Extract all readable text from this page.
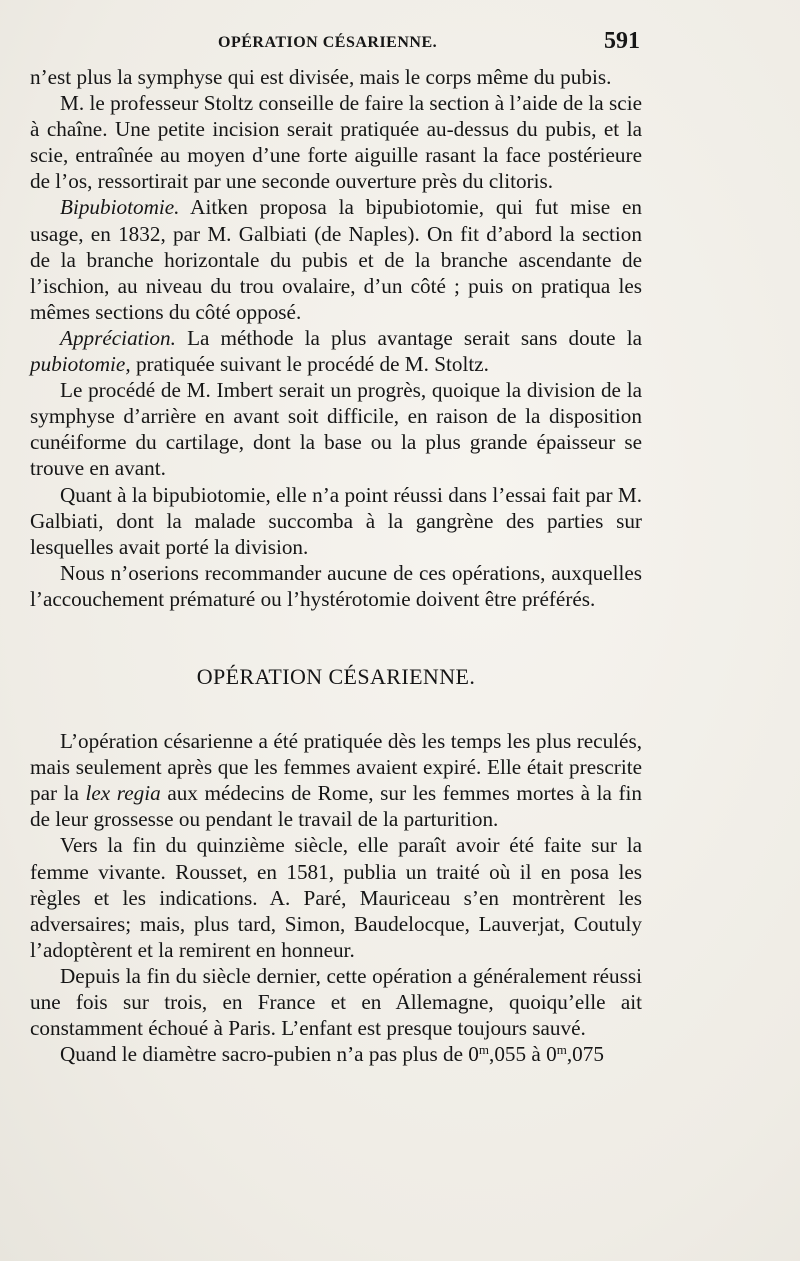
OPÉRATION CÉSARIENNE.	591

n’est plus la symphyse qui est divisée, mais le corps même du pubis.

M. le professeur Stoltz conseille de faire la section à l’aide de la scie à chaîne. Une petite incision serait pratiquée au-dessus du pubis, et la scie, entraînée au moyen d’une forte aiguille rasant la face postérieure de l’os, ressortirait par une seconde ouverture près du clitoris.

Bipubiotomie. Aitken proposa la bipubiotomie, qui fut mise en usage, en 1832, par M. Galbiati (de Naples). On fit d’abord la section de la branche horizontale du pubis et de la branche ascendante de l’ischion, au niveau du trou ovalaire, d’un côté ; puis on pratiqua les mêmes sections du côté opposé.

Appréciation. La méthode la plus avantage serait sans doute la pubiotomie, pratiquée suivant le procédé de M. Stoltz.

Le procédé de M. Imbert serait un progrès, quoique la division de la symphyse d’arrière en avant soit difficile, en raison de la disposition cunéiforme du cartilage, dont la base ou la plus grande épaisseur se trouve en avant.

Quant à la bipubiotomie, elle n’a point réussi dans l’essai fait par M. Galbiati, dont la malade succomba à la gangrène des parties sur lesquelles avait porté la division.

Nous n’oserions recommander aucune de ces opérations, auxquelles l’accouchement prématuré ou l’hystérotomie doivent être préférés.

OPÉRATION CÉSARIENNE.

L’opération césarienne a été pratiquée dès les temps les plus reculés, mais seulement après que les femmes avaient expiré. Elle était prescrite par la lex regia aux médecins de Rome, sur les femmes mortes à la fin de leur grossesse ou pendant le travail de la parturition.

Vers la fin du quinzième siècle, elle paraît avoir été faite sur la femme vivante. Rousset, en 1581, publia un traité où il en posa les règles et les indications. A. Paré, Mauriceau s’en montrèrent les adversaires; mais, plus tard, Simon, Baudelocque, Lauverjat, Coutuly l’adoptèrent et la remirent en honneur.

Depuis la fin du siècle dernier, cette opération a généralement réussi une fois sur trois, en France et en Allemagne, quoiqu’elle ait constamment échoué à Paris. L’enfant est presque toujours sauvé.

Quand le diamètre sacro-pubien n’a pas plus de 0$^m$,055 à 0$^m$,075
